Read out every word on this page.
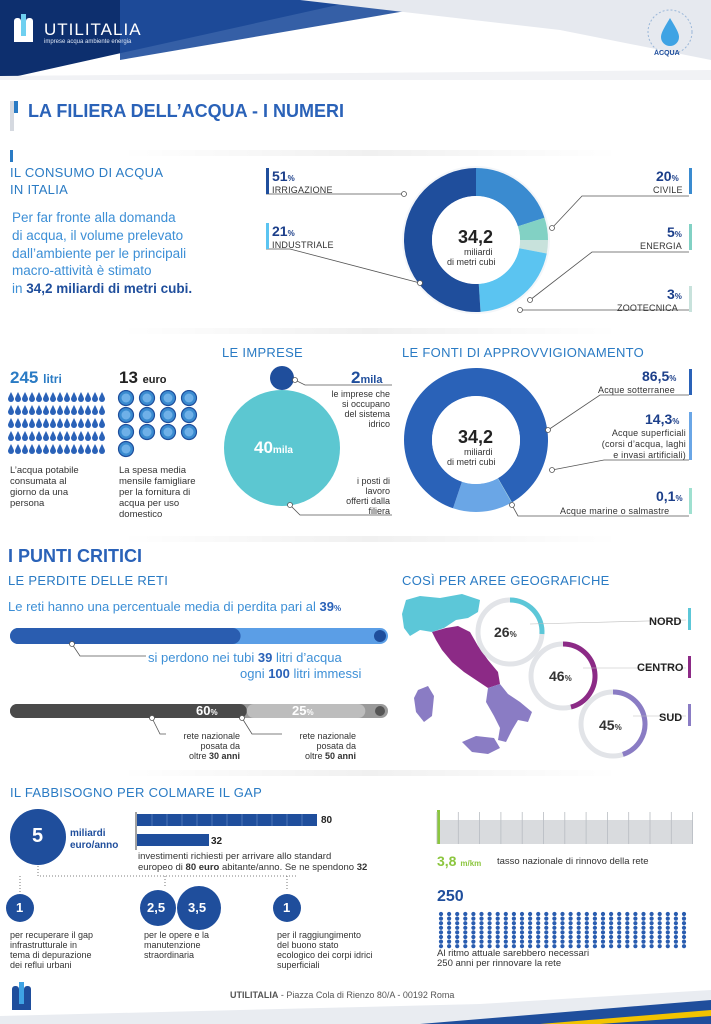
UTILITALIA
imprese acqua ambiente energia
ACQUA
LA FILIERA DELL’ACQUA - I NUMERI
IL CONSUMO DI ACQUA
IN ITALIA
Per far fronte alla domanda
di acqua, il volume prelevato
dall’ambiente per le principali
macro-attività è stimato
in 34,2 miliardi di metri cubi.
34,2
miliardi
di metri cubi
51%
IRRIGAZIONE
21%
INDUSTRIALE
20%
CIVILE
5%
ENERGIA
3%
ZOOTECNICA
245 litri
L’acqua potabile
consumata al
giorno da una
persona
13 euro
La spesa media
mensile famigliare
per la fornitura di
acqua per uso
domestico
LE IMPRESE
40mila
2mila
le imprese che
si occupano
del sistema
idrico
i posti di
lavoro
offerti dalla
filiera
LE FONTI DI APPROVVIGIONAMENTO
34,2
miliardi
di metri cubi
86,5%
Acque sotterranee
14,3%
Acque superficiali
(corsi d’acqua, laghi
e invasi artificiali)
0,1%
Acque marine o salmastre
I PUNTI CRITICI
LE PERDITE DELLE RETI
Le reti hanno una percentuale media di perdita pari al 39%
si perdono nei tubi 39 litri d’acqua
ogni 100 litri immessi
60%	25%
rete nazionale
posata da
oltre 30 anni
rete nazionale
posata da
oltre 50 anni
COSÌ PER AREE GEOGRAFICHE
26%
46%
45%
NORD
CENTRO
SUD
IL FABBISOGNO PER COLMARE IL GAP
5	miliardi
euro/anno
80
32
investimenti richiesti per arrivare allo standard
europeo di 80 euro abitante/anno. Se ne spendono 32
1	2,5 3,5	1
per recuperare il gap
infrastrutturale in
tema di depurazione
dei reflui urbani
per le opere e la
manutenzione
straordinaria
per il raggiungimento
del buono stato
ecologico dei corpi idrici
superficiali
3,8 m/km tasso nazionale di rinnovo della rete
250
Al ritmo attuale sarebbero necessari
250 anni per rinnovare la rete
UTILITALIA - Piazza Cola di Rienzo 80/A - 00192 Roma
